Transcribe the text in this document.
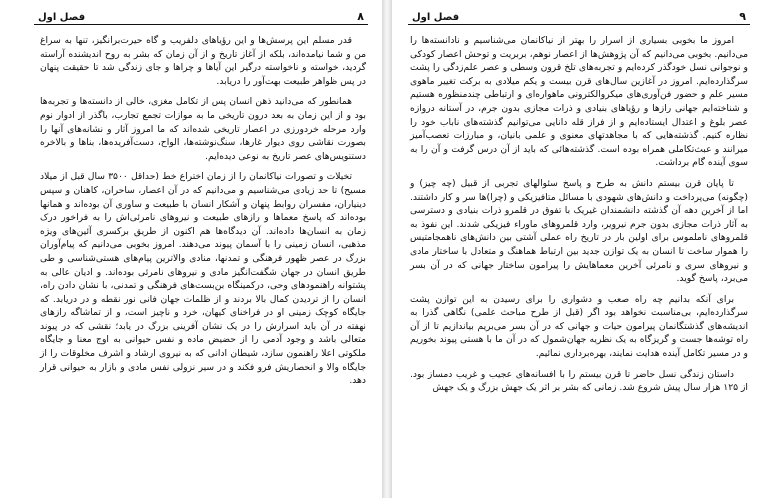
۸
فصل اول

قدر مسلم این پرسش‌ها و این رؤیاهای دلفریب و گاه حیرت‌برانگیز، تنها به سراغ من و شما نیامده‌اند، بلکه از آغاز تاریخ و از آن زمان که بشر به روح اندیشنده آراسته گردید، خواسته و ناخواسته درگیر این آیاها و چراها و جای زندگی شد تا حقیقت پنهان در پس ظواهر طبیعت بهت‌آور را دریابد.

همانطور که می‌دانید ذهن انسان پس از تکامل مغزی، خالی از دانسته‌ها و تجربه‌ها بود و از این زمان به بعد درون تاریخی ما به موازات تجمع تجارب، باگذر از ادوار نوم وارد مرحله خردورزی در اعصار تاریخی شده‌اند که ما امروز آثار و نشانه‌های آنها را بصورت نقاشی روی دیوار غارها، سنگ‌نوشته‌ها، الواح، دست‌آفریده‌ها، بناها و بالاخره دستنویس‌های عصر تاریخ به نوعی دیده‌ایم.

تخیلات و تصورات نیاکانمان را از زمان اختراع خط (حداقل ۳۵۰۰ سال قبل از میلاد مسیح) تا حد زیادی می‌شناسیم و می‌دانیم که در آن اعصار، ساحران، کاهنان و سپس دینیاران، مفسران روابط پنهان و آشکار انسان با طبیعت و ساوری آن بوده‌اند و همانها بوده‌اند که پاسخ معماها و رازهای طبیعت و نیروهای نامرئی‌اش را به فراخور درک زمان به انسان‌ها داده‌اند. آن دیدگاه‌ها هم اکنون از طریق برکسری آئین‌های ویژه مذهبی، انسان زمینی را با آسمان پیوند می‌دهند. امروز بخوبی می‌دانیم که پیام‌آوران بزرگ در عصر ظهور فرهنگی و تمدنها، منادی والاترین پیام‌های هستی‌شناسی و طی طریق انسان در جهان شگفت‌انگیز مادی و نیروهای نامرئی بوده‌اند. و ادیان عالی به پشتوانه راهنمودهای وحی، درکمینگاه بن‌بست‌های فرهنگی و تمدنی، با نشان دادن راه، انسان را از تردیدن کمال بالا بردند و از ظلمات جهان فانی نور نقطه و در دریابد. که جایگاه کوچک زمینی او در فراخنای کیهان، خرد و ناچیز است، و از تماشاگه رازهای نهفته در آن باید اسرارش را در یک نشان آفرینی بزرگ در یابد؛ نقشی که در پیوند متعالی باشد و وجود آدمی را از حضیض ماده و نفس حیوانی به اوج معنا و جایگاه ملکوتی اعلا راهنمون سازد، شیطان ادانی که به نیروی ارشاد و اشرف مخلوقات را از جایگاه والا و انحصاریش فرو فکند و در سیر نزولی نفس مادی و بازار به حیوانی قرار دهد.

۹
فصل اول

امروز ما بخوبی بسیاری از اسرار را بهتر از نیاکانمان می‌شناسیم و نادانسته‌ها را می‌دانیم. بخوبی می‌دانیم که آن پژوهش‌ها از اعصار نوهم، بربریت و توحش اعصار کودکی و نوجوانی نسل خودگذر کرده‌ایم و تجربه‌های تلخ قرون وسطی و عصر علم‌زدگی را پشت سرگذارده‌ایم. امروز در آغازین سال‌های قرن بیست و یکم میلادی به برکت تغییر ماهوی مسیر علم و حضور فن‌آوری‌های میکروالکترونی ماهواره‌ای و ارتباطی چندمنظوره هستیم و شناخته‌ایم جهانی رازها و رؤیاهای بنیادی و ذرات مجازی بدون جرم، در آستانه دروازه عصر بلوغ و اعتدال ایستاده‌ایم و از فراز قله دانایی می‌توانیم گذشته‌های ناباب خود را نظاره کنیم. گذشته‌هایی که با مجاهدتهای معنوی و علمی بانیان، و مبارزات تعصب‌آمیز میرانند و عبث‌تکاملی همراه بوده است. گذشته‌هائی که باید از آن درس گرفت و آن را به سوی آینده گام برداشت.

تا پایان قرن بیستم دانش به طرح و پاسخ سئوالهای تجربی از قبیل (چه چیز) و (چگونه) می‌پرداخت و دانش‌های شهودی با مسائل متافیزیکی و (چرا)ها سر و کار داشتند. اما از آخرین دهه آن گذشته دانشمندان غیریک با تفوق در قلمرو ذرات بنیادی و دسترسی به آثار ذرات مجازی بدون جرم نیرویر، وارد قلمروهای ماوراء فیزیکی شدند. این نفوذ به قلمروهای ناملموس برای اولین بار در تاریخ راه عملی آشتی بین دانش‌های ناهمجامتیس را هموار ساخت تا انسان به یک توازن جدید بین ارتباط هماهنگ و متعادل با ساختار مادی و نیروهای سری و نامرئی آخرین معماهایش را پیرامون ساختار جهانی که در آن بسر می‌برد، پاسخ گوید.

برای آنکه بدانیم چه راه صعب و دشواری را برای رسیدن به این توازن پشت سرگذارده‌ایم، بی‌مناسبت نخواهد بود اگر (قبل از طرح مباحث علمی) نگاهی گذرا به اندیشه‌های گذشتگانمان پیرامون حیات و جهانی که در آن بسر می‌بریم بیاندازیم تا از آن راه توشه‌ها جست و گریزگاه به یک نظریه جهان‌شمول که در آن ما با هستی پیوند بخوریم و در مسیر تکامل آینده هدایت نمایند، بهره‌برداری نمائیم.

داستان زندگی نسل حاضر تا قرن بیستم را با افسانه‌های عجیب و غریب دمساز بود. از ۱۲۵ هزار سال پیش شروع شد. زمانی که بشر بر اثر یک جهش بزرگ و یک جهش
